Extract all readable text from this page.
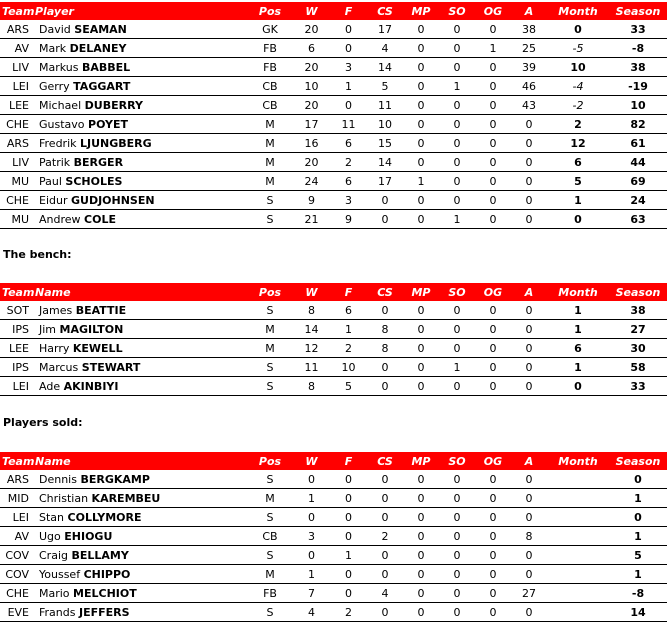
Team	Player	Pos	W	F	CS	MP	SO	OG	A	Month	Season
ARS	David SEAMAN	GK	20	0	17	0	0	0	38	0	33
AV	Mark DELANEY	FB	6	0	4	0	0	1	25	-5	-8
LIV	Markus BABBEL	FB	20	3	14	0	0	0	39	10	38
LEI	Gerry TAGGART	CB	10	1	5	0	1	0	46	-4	-19
LEE	Michael DUBERRY	CB	20	0	11	0	0	0	43	-2	10
CHE	Gustavo POYET	M	17	11	10	0	0	0	0	2	82
ARS	Fredrik LJUNGBERG	M	16	6	15	0	0	0	0	12	61
LIV	Patrik BERGER	M	20	2	14	0	0	0	0	6	44
MU	Paul SCHOLES	M	24	6	17	1	0	0	0	5	69
CHE	Eidur GUDJOHNSEN	S	9	3	0	0	0	0	0	1	24
MU	Andrew COLE	S	21	9	0	0	1	0	0	0	63
The bench:
Team	Name	Pos	W	F	CS	MP	SO	OG	A	Month	Season
SOT	James BEATTIE	S	8	6	0	0	0	0	0	1	38
IPS	Jim MAGILTON	M	14	1	8	0	0	0	0	1	27
LEE	Harry KEWELL	M	12	2	8	0	0	0	0	6	30
IPS	Marcus STEWART	S	11	10	0	0	1	0	0	1	58
LEI	Ade AKINBIYI	S	8	5	0	0	0	0	0	0	33
Players sold:
Team	Name	Pos	W	F	CS	MP	SO	OG	A	Month	Season
ARS	Dennis BERGKAMP	S	0	0	0	0	0	0	0		0
MID	Christian KAREMBEU	M	1	0	0	0	0	0	0		1
LEI	Stan COLLYMORE	S	0	0	0	0	0	0	0		0
AV	Ugo EHIOGU	CB	3	0	2	0	0	0	8		1
COV	Craig BELLAMY	S	0	1	0	0	0	0	0		5
COV	Youssef CHIPPO	M	1	0	0	0	0	0	0		1
CHE	Mario MELCHIOT	FB	7	0	4	0	0	0	27		-8
EVE	Frands JEFFERS	S	4	2	0	0	0	0	0		14
